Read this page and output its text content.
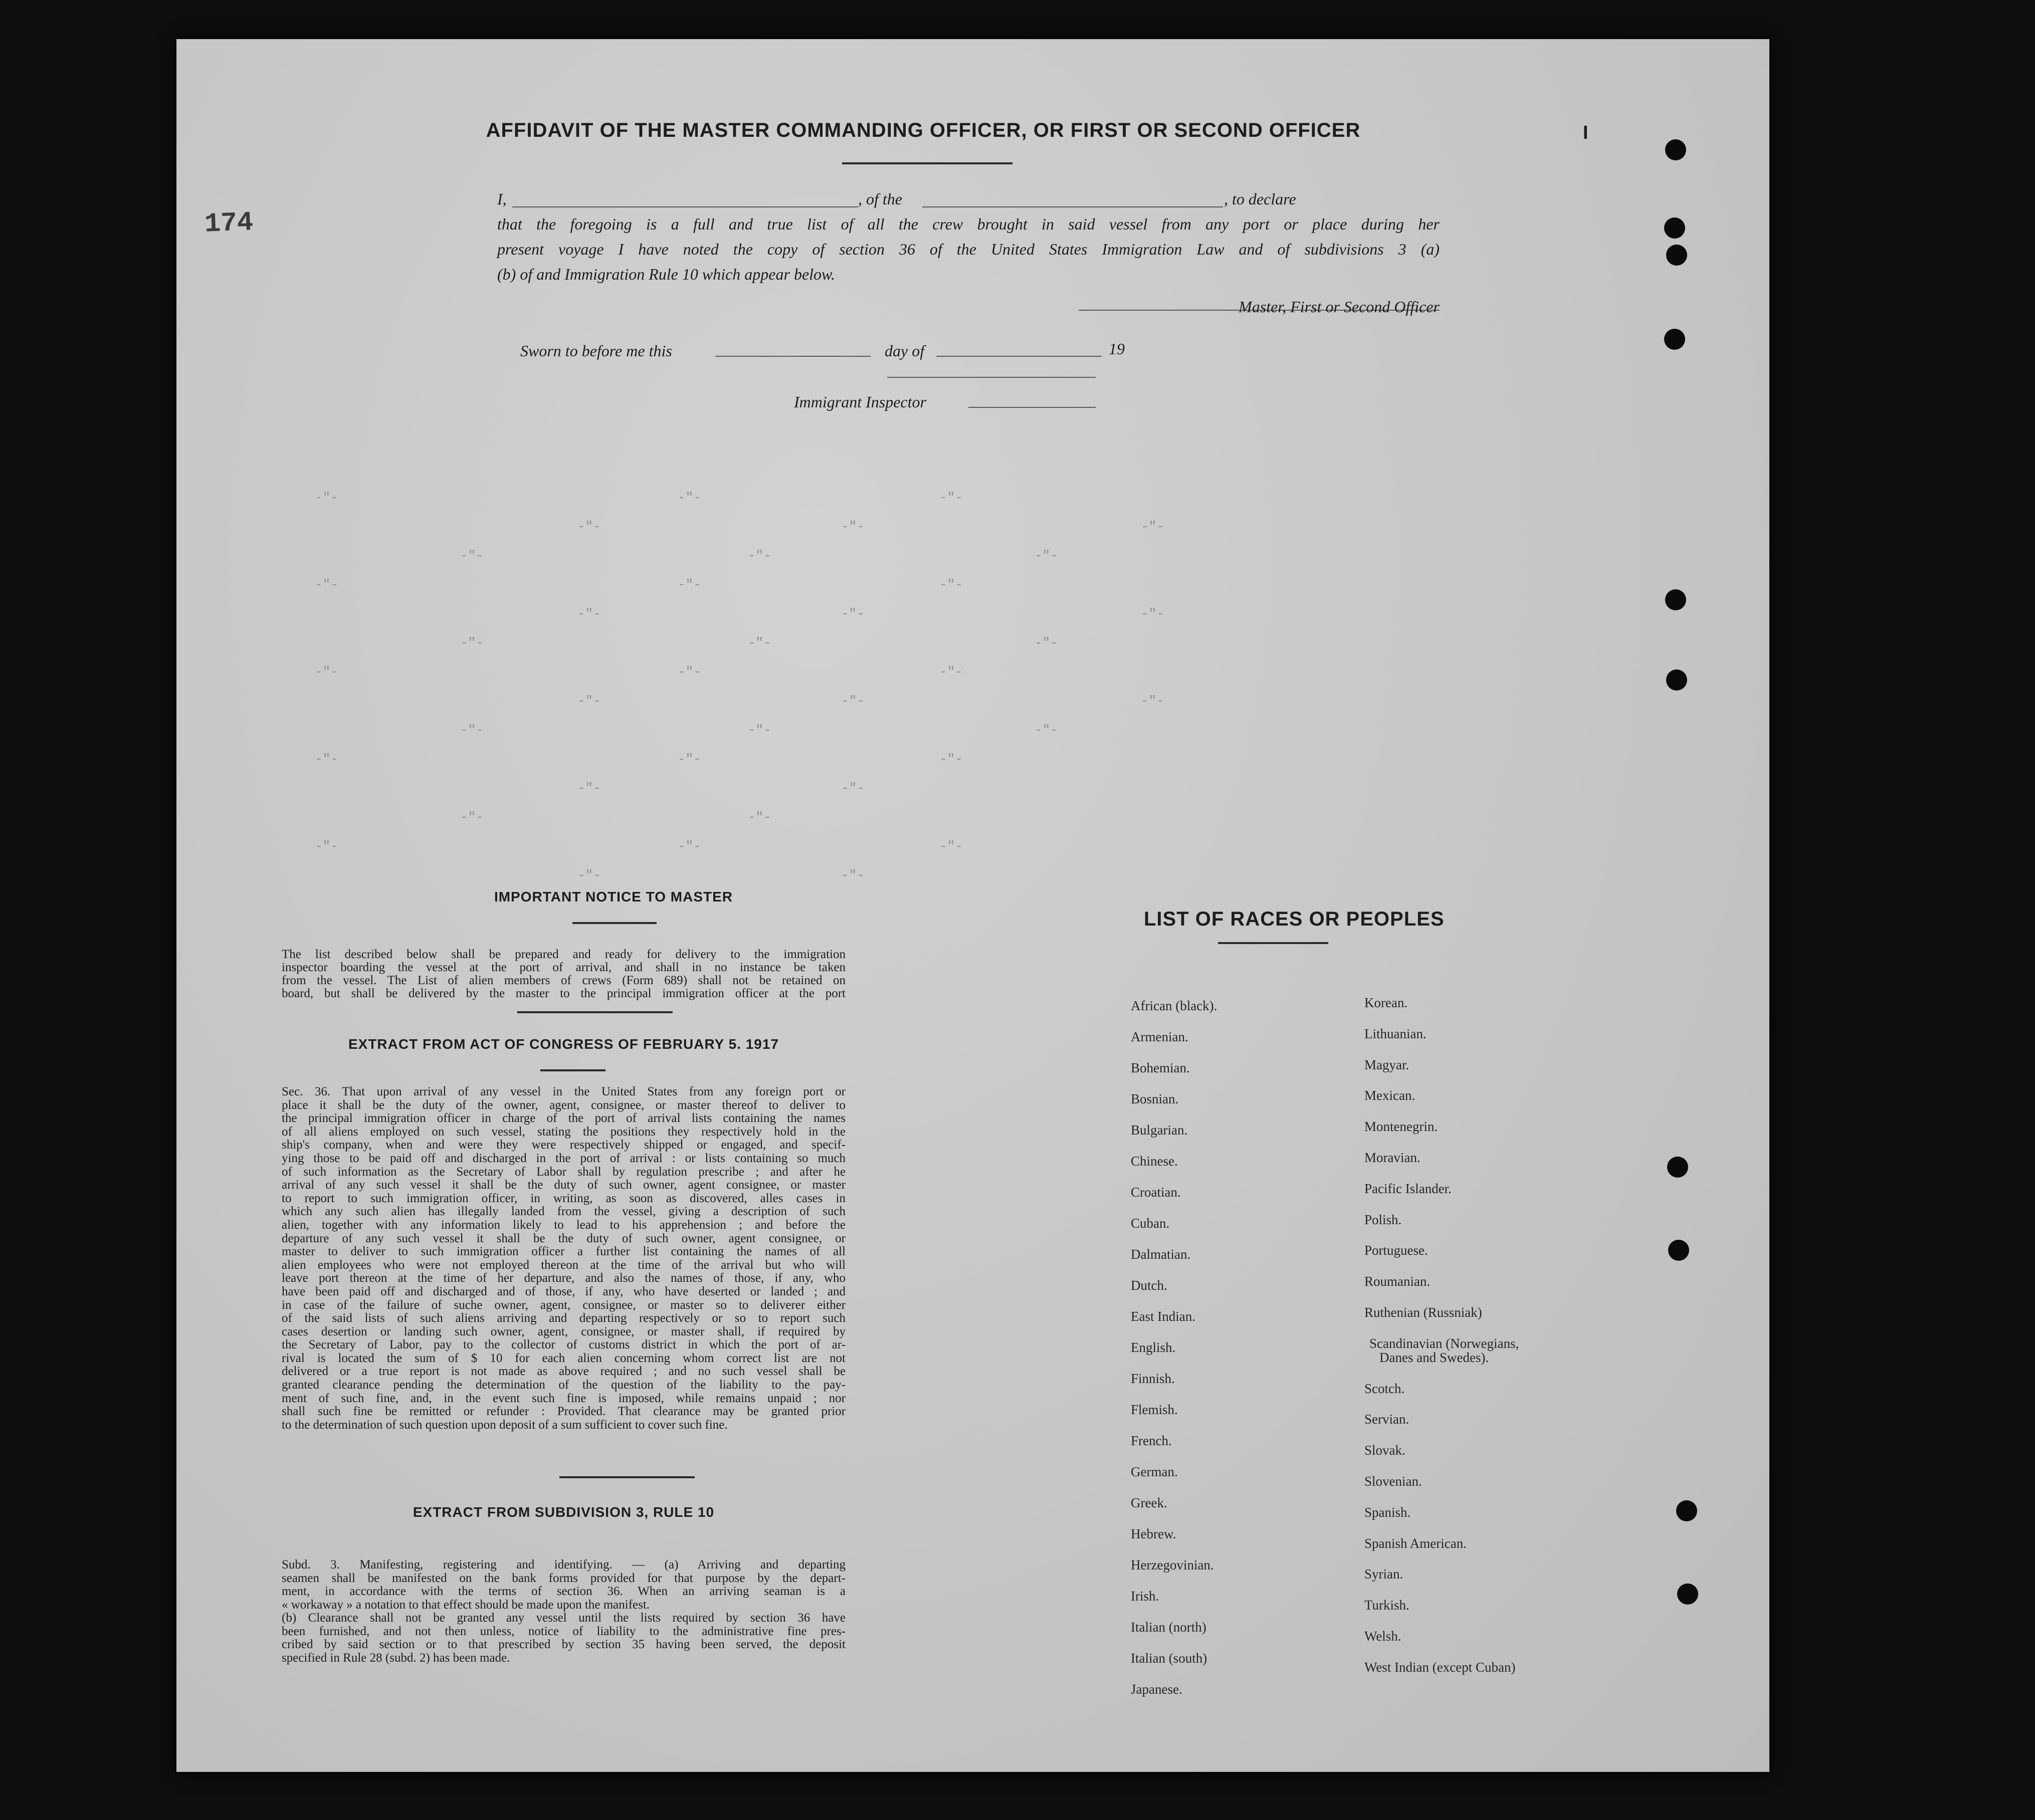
-"-	-"-	-"-
-"-	-"-	-"-
-"-	-"-	-"-
-"-	-"-	-"-
-"-	-"-	-"-
-"-	-"-	-"-
-"-	-"-	-"-
-"-	-"-	-"-
-"-	-"-	-"-
-"-	-"-	-"-
-"-	-"-
-"-	-"-
-"-	-"-	-"-
-"-	-"-
AFFIDAVIT OF THE MASTER COMMANDING OFFICER, OR FIRST OR SECOND OFFICER	I
174
I,	, of the	, to declare
that the foregoing is a full and true list of all the crew brought in said vessel from any port or place during her
present voyage I have noted the copy of section 36 of the United States Immigration Law and of subdivisions 3 (a)
(b) of and Immigration Rule 10 which appear below.
Master, First or Second Officer
Sworn to before me this	day of	19
Immigrant Inspector
IMPORTANT NOTICE TO MASTER

The list described below shall be prepared and ready for delivery to the immigration

inspector boarding the vessel at the port of arrival, and shall in no instance be taken

from the vessel. The List of alien members of crews (Form 689) shall not be retained on

board, but shall be delivered by the master to the principal immigration officer at the port

EXTRACT FROM ACT OF CONGRESS OF FEBRUARY 5. 1917

Sec. 36. That upon arrival of any vessel in the United States from any foreign port or

place it shall be the duty of the owner, agent, consignee, or master thereof to deliver to

the principal immigration officer in charge of the port of arrival lists containing the names

of all aliens employed on such vessel, stating the positions they respectively hold in the

ship's company, when and were they were respectively shipped or engaged, and specif-

ying those to be paid off and discharged in the port of arrival : or lists containing so much

of such information as the Secretary of Labor shall by regulation prescribe ; and after he

arrival of any such vessel it shall be the duty of such owner, agent consignee, or master

to report to such immigration officer, in writing, as soon as discovered, alles cases in

which any such alien has illegally landed from the vessel, giving a description of such

alien, together with any information likely to lead to his apprehension ; and before the

departure of any such vessel it shall be the duty of such owner, agent consignee, or

master to deliver to such immigration officer a further list containing the names of all

alien employees who were not employed thereon at the time of the arrival but who will

leave port thereon at the time of her departure, and also the names of those, if any, who

have been paid off and discharged and of those, if any, who have deserted or landed ; and

in case of the failure of suche owner, agent, consignee, or master so to deliverer either

of the said lists of such aliens arriving and departing respectively or so to report such

cases desertion or landing such owner, agent, consignee, or master shall, if required by

the Secretary of Labor, pay to the collector of customs district in which the port of ar-

rival is located the sum of $ 10 for each alien concerning whom correct list are not

delivered or a true report is not made as above required ; and no such vessel shall be

granted clearance pending the determination of the question of the liability to the pay-

ment of such fine, and, in the event such fine is imposed, while remains unpaid ; nor

shall such fine be remitted or refunder : Provided. That clearance may be granted prior

to the determination of such question upon deposit of a sum sufficient to cover such fine.

EXTRACT FROM SUBDIVISION 3, RULE 10

Subd. 3. Manifesting, registering and identifying. — (a) Arriving and departing

seamen shall be manifested on the bank forms provided for that purpose by the depart-

ment, in accordance with the terms of section 36. When an arriving seaman is a

« workaway » a notation to that effect should be made upon the manifest.

(b) Clearance shall not be granted any vessel until the lists required by section 36 have

been furnished, and not then unless, notice of liability to the administrative fine pres-

cribed by said section or to that prescribed by section 35 having been served, the deposit

specified in Rule 28 (subd. 2) has been made.

LIST OF RACES OR PEOPLES
African (black).
Armenian.
Bohemian.
Bosnian.
Bulgarian.
Chinese.
Croatian.
Cuban.
Dalmatian.
Dutch.
East Indian.
English.
Finnish.
Flemish.
French.
German.
Greek.
Hebrew.
Herzegovinian.
Irish.
Italian (north)
Italian (south)
Japanese.
Korean.
Lithuanian.
Magyar.
Mexican.
Montenegrin.
Moravian.
Pacific Islander.
Polish.
Portuguese.
Roumanian.
Ruthenian (Russniak)
Scandinavian (Norwegians,
Danes and Swedes).
Scotch.
Servian.
Slovak.
Slovenian.
Spanish.
Spanish American.
Syrian.
Turkish.
Welsh.
West Indian (except Cuban)
